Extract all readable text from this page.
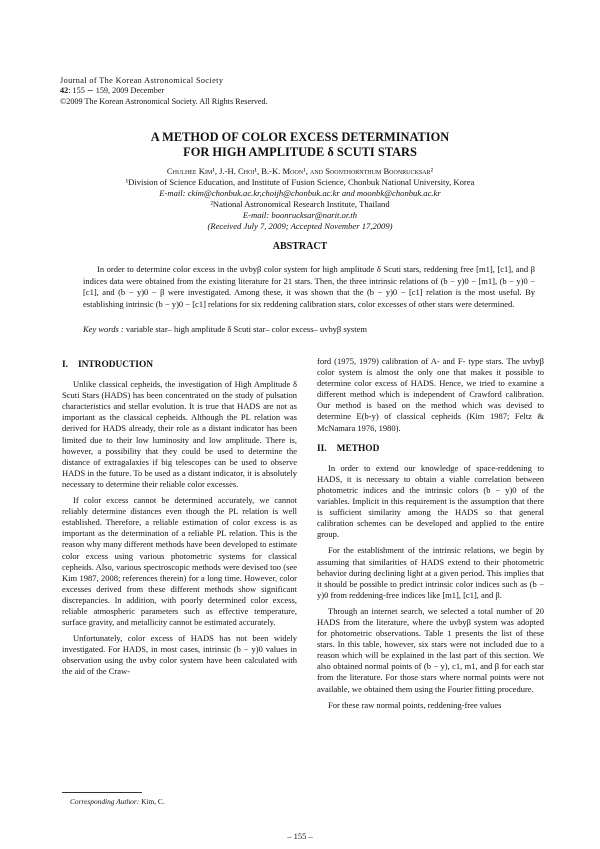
Journal of The Korean Astronomical Society
42: 155 ∼ 159, 2009 December
©2009 The Korean Astronomical Society. All Rights Reserved.
A METHOD OF COLOR EXCESS DETERMINATION
FOR HIGH AMPLITUDE δ SCUTI STARS
Chulhee Kim¹, J.-H. Choi¹, B.-K. Moon¹, and Soonthornthum Boonrucksar²
¹Division of Science Education, and Institute of Fusion Science, Chonbuk National University, Korea
E-mail: ckim@chonbuk.ac.kr,choijh@chonbuk.ac.kr and moonbk@chonbuk.ac.kr
²National Astronomical Research Institute, Thailand
E-mail: boonrucksar@narit.or.th
(Received July 7, 2009; Accepted November 17,2009)
ABSTRACT
In order to determine color excess in the uvbyβ color system for high amplitude δ Scuti stars, reddening free [m1], [c1], and β indices data were obtained from the existing literature for 21 stars. Then, the three intrinsic relations of (b − y)0 − [m1], (b − y)0 − [c1], and (b − y)0 − β were investigated. Among these, it was shown that the (b − y)0 − [c1] relation is the most useful. By establishing intrinsic (b − y)0 − [c1] relations for six reddening calibration stars, color excesses of other stars were determined.
Key words : variable star– high amplitude δ Scuti star– color excess– uvbyβ system
I. INTRODUCTION
Unlike classical cepheids, the investigation of High Amplitude δ Scuti Stars (HADS) has been concentrated on the study of pulsation characteristics and stellar evolution. It is true that HADS are not as important as the classical cepheids. Although the PL relation was derived for HADS already, their role as a distant indicator has been limited due to their low luminosity and low amplitude. There is, however, a possibility that they could be used to determine the distance of extragalaxies if big telescopes can be used to observe HADS in the future. To be used as a distant indicator, it is absolutely necessary to determine their reliable color excesses.
If color excess cannot be determined accurately, we cannot reliably determine distances even though the PL relation is well established. Therefore, a reliable estimation of color excess is as important as the determination of a reliable PL relation. This is the reason why many different methods have been developed to estimate color excess using various photometric systems for classical cepheids. Also, various spectroscopic methods were devised too (see Kim 1987, 2008; references therein) for a long time. However, color excesses derived from these different methods show significant discrepancies. In addition, with poorly determined color excess, reliable atmospheric parameters such as effective temperature, surface gravity, and metallicity cannot be estimated accurately.
Unfortunately, color excess of HADS has not been widely investigated. For HADS, in most cases, intrinsic (b − y)0 values in observation using the uvby color system have been calculated with the aid of the Craw-
ford (1975, 1979) calibration of A- and F- type stars. The uvbyβ color system is almost the only one that makes it possible to determine color excess of HADS. Hence, we tried to examine a different method which is independent of Crawford calibration. Our method is based on the method which was devised to determine E(b-y) of classical cepheids (Kim 1987; Feltz & McNamara 1976, 1980).
II. METHOD
In order to extend our knowledge of space-reddening to HADS, it is necessary to obtain a viable correlation between photometric indices and the intrinsic colors (b − y)0 of the variables. Implicit in this requirement is the assumption that there is sufficient similarity among the HADS so that general calibration schemes can be developed and applied to the entire group.
For the establishment of the intrinsic relations, we begin by assuming that similarities of HADS extend to their photometric behavior during declining light at a given period. This implies that it should be possible to predict intrinsic color indices such as (b − y)0 from reddening-free indices like [m1], [c1], and β.
Through an internet search, we selected a total number of 20 HADS from the literature, where the uvbyβ system was adopted for photometric observations. Table 1 presents the list of these stars. In this table, however, six stars were not included due to a reason which will be explained in the last part of this section. We also obtained normal points of (b − y), c1, m1, and β for each star from the literature. For those stars where normal points were not available, we obtained them using the Fourier fitting procedure.
For these raw normal points, reddening-free values
Corresponding Author: Kim, C.
– 155 –
